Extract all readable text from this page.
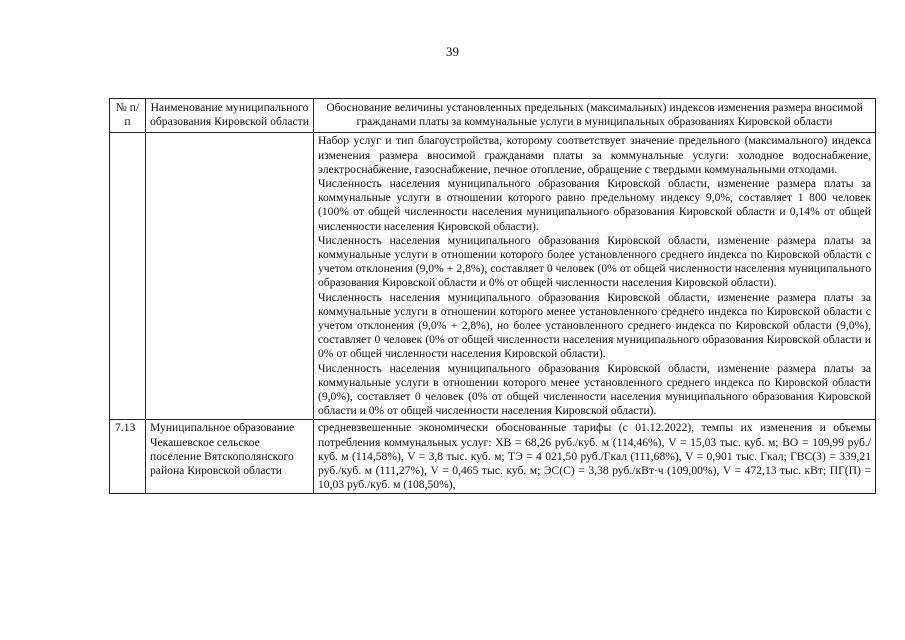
39
№ п/п	Наименование муниципального образования Кировской области	Обоснование величины установленных предельных (максимальных) индексов изменения размера вносимой гражданами платы за коммунальные услуги в муниципальных образованиях Кировской области

		Набор услуг и тип благоустройства, которому соответствует значение предельного (максимального) индекса изменения размера вносимой гражданами платы за коммунальные услуги: холодное водоснабжение, электроснабжение, газоснабжение, печное отопление, обращение с твердыми коммунальными отходами.

Численность населения муниципального образования Кировской области, изменение размера платы за коммунальные услуги в отношении которого равно предельному индексу 9,0%, составляет 1 800 человек (100% от общей численности населения муниципального образования Кировской области и 0,14% от общей численности населения Кировской области).

Численность населения муниципального образования Кировской области, изменение размера платы за коммунальные услуги в отношении которого более установленного среднего индекса по Кировской области с учетом отклонения (9,0% + 2,8%), составляет 0 человек (0% от общей численности населения муниципального образования Кировской области и 0% от общей численности населения Кировской области).

Численность населения муниципального образования Кировской области, изменение размера платы за коммунальные услуги в отношении которого менее установленного среднего индекса по Кировской области с учетом отклонения (9,0% + 2,8%), но более установленного среднего индекса по Кировской области (9,0%), составляет 0 человек (0% от общей численности населения муниципального образования Кировской области и 0% от общей численности населения Кировской области).

Численность населения муниципального образования Кировской области, изменение размера платы за коммунальные услуги в отношении которого менее установленного среднего индекса по Кировской области (9,0%), составляет 0 человек (0% от общей численности населения муниципального образования Кировской области и 0% от общей численности населения Кировской области).

7.13	Муниципальное образование Чекашевское сельское поселение Вятскополянского района Кировской области	средневзвешенные экономически обоснованные тарифы (с 01.12.2022), темпы их изменения и объемы потребления коммунальных услуг: ХВ = 68,26 руб./куб. м (114,46%), V = 15,03 тыс. куб. м; ВО = 109,99 руб./куб. м (114,58%), V = 3,8 тыс. куб. м; ТЭ = 4 021,50 руб./Гкал (111,68%), V = 0,901 тыс. Гкал; ГВС(З) = 339,21 руб./куб. м (111,27%), V = 0,465 тыс. куб. м; ЭС(С) = 3,38 руб./кВт·ч (109,00%), V = 472,13 тыс. кВт; ПГ(П) = 10,03 руб./куб. м (108,50%),
